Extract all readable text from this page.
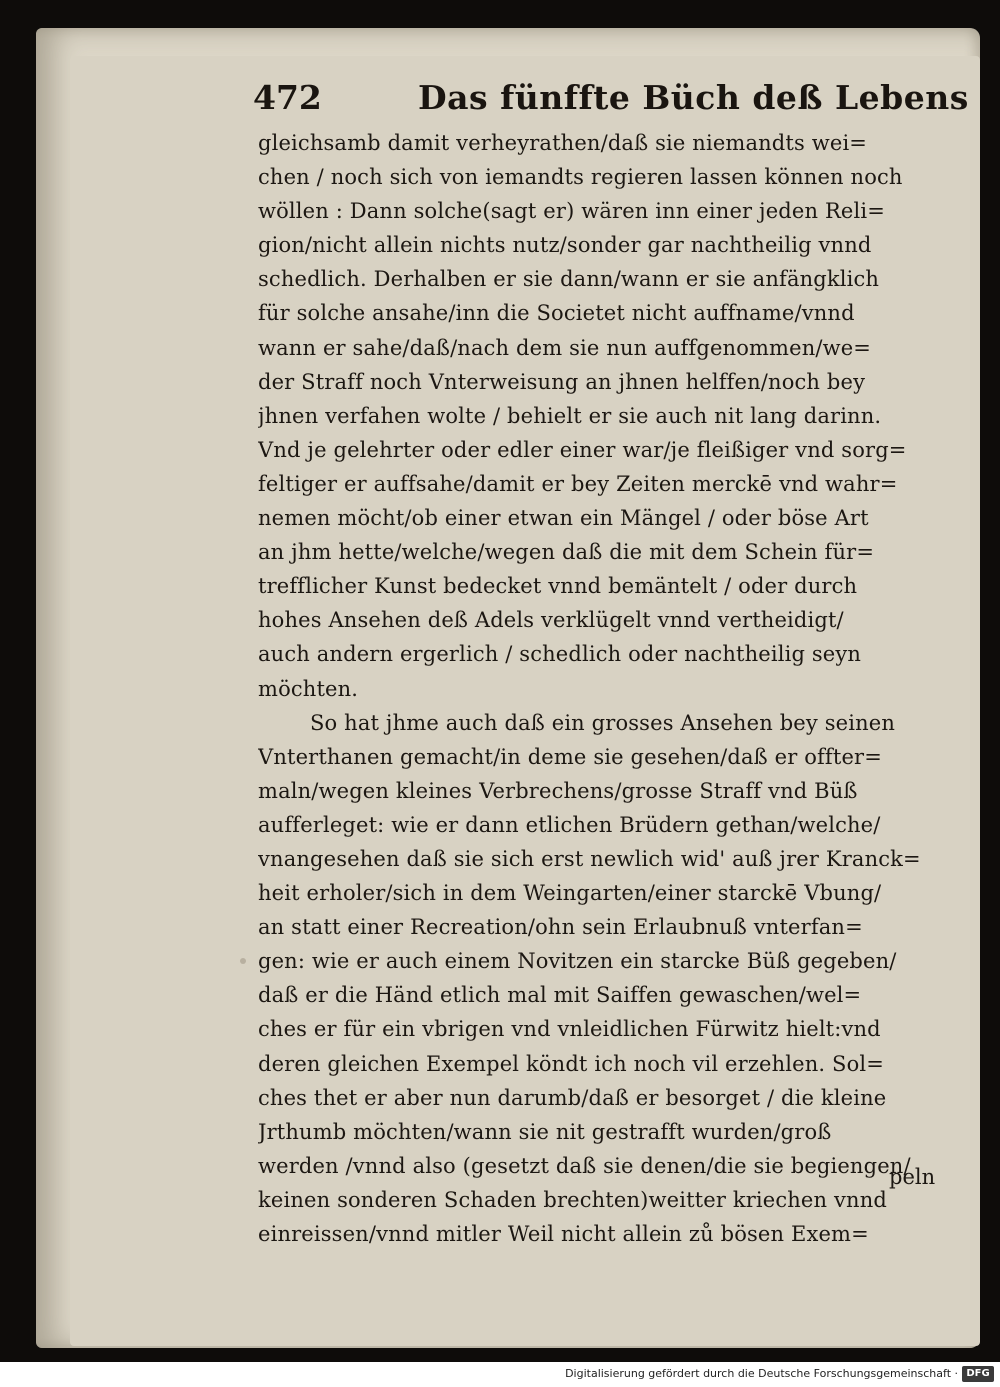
472	Das fünffte Büch deß Lebens
gleichsamb damit verheyrathen/daß sie niemandts wei=
chen / noch sich von iemandts regieren lassen können noch
wöllen : Dann solche(sagt er) wären inn einer jeden Reli=
gion/nicht allein nichts nutz/sonder gar nachtheilig vnnd
schedlich. Derhalben er sie dann/wann er sie anfängklich
für solche ansahe/inn die Societet nicht auffname/vnnd
wann er sahe/daß/nach dem sie nun auffgenommen/we=
der Straff noch Vnterweisung an jhnen helffen/noch bey
jhnen verfahen wolte / behielt er sie auch nit lang darinn.
Vnd je gelehrter oder edler einer war/je fleißiger vnd sorg=
feltiger er auffsahe/damit er bey Zeiten merckē vnd wahr=
nemen möcht/ob einer etwan ein Mängel / oder böse Art
an jhm hette/welche/wegen daß die mit dem Schein für=
trefflicher Kunst bedecket vnnd bemäntelt / oder durch
hohes Ansehen deß Adels verklügelt vnnd vertheidigt/
auch andern ergerlich / schedlich oder nachtheilig seyn
möchten.
So hat jhme auch daß ein grosses Ansehen bey seinen
Vnterthanen gemacht/in deme sie gesehen/daß er offter=
maln/wegen kleines Verbrechens/grosse Straff vnd Büß
aufferleget: wie er dann etlichen Brüdern gethan/welche/
vnangesehen daß sie sich erst newlich wid' auß jrer Kranck=
heit erholer/sich in dem Weingarten/einer starckē Vbung/
an statt einer Recreation/ohn sein Erlaubnuß vnterfan=
gen: wie er auch einem Novitzen ein starcke Büß gegeben/
daß er die Händ etlich mal mit Saiffen gewaschen/wel=
ches er für ein vbrigen vnd vnleidlichen Fürwitz hielt:vnd
deren gleichen Exempel köndt ich noch vil erzehlen. Sol=
ches thet er aber nun darumb/daß er besorget / die kleine
Jrthumb möchten/wann sie nit gestrafft wurden/groß
werden /vnnd also (gesetzt daß sie denen/die sie begiengen/
keinen sonderen Schaden brechten)weitter kriechen vnnd
einreissen/vnnd mitler Weil nicht allein zů bösen Exem=
peln
Digitalisierung gefördert durch die Deutsche Forschungsgemeinschaft · DFG
